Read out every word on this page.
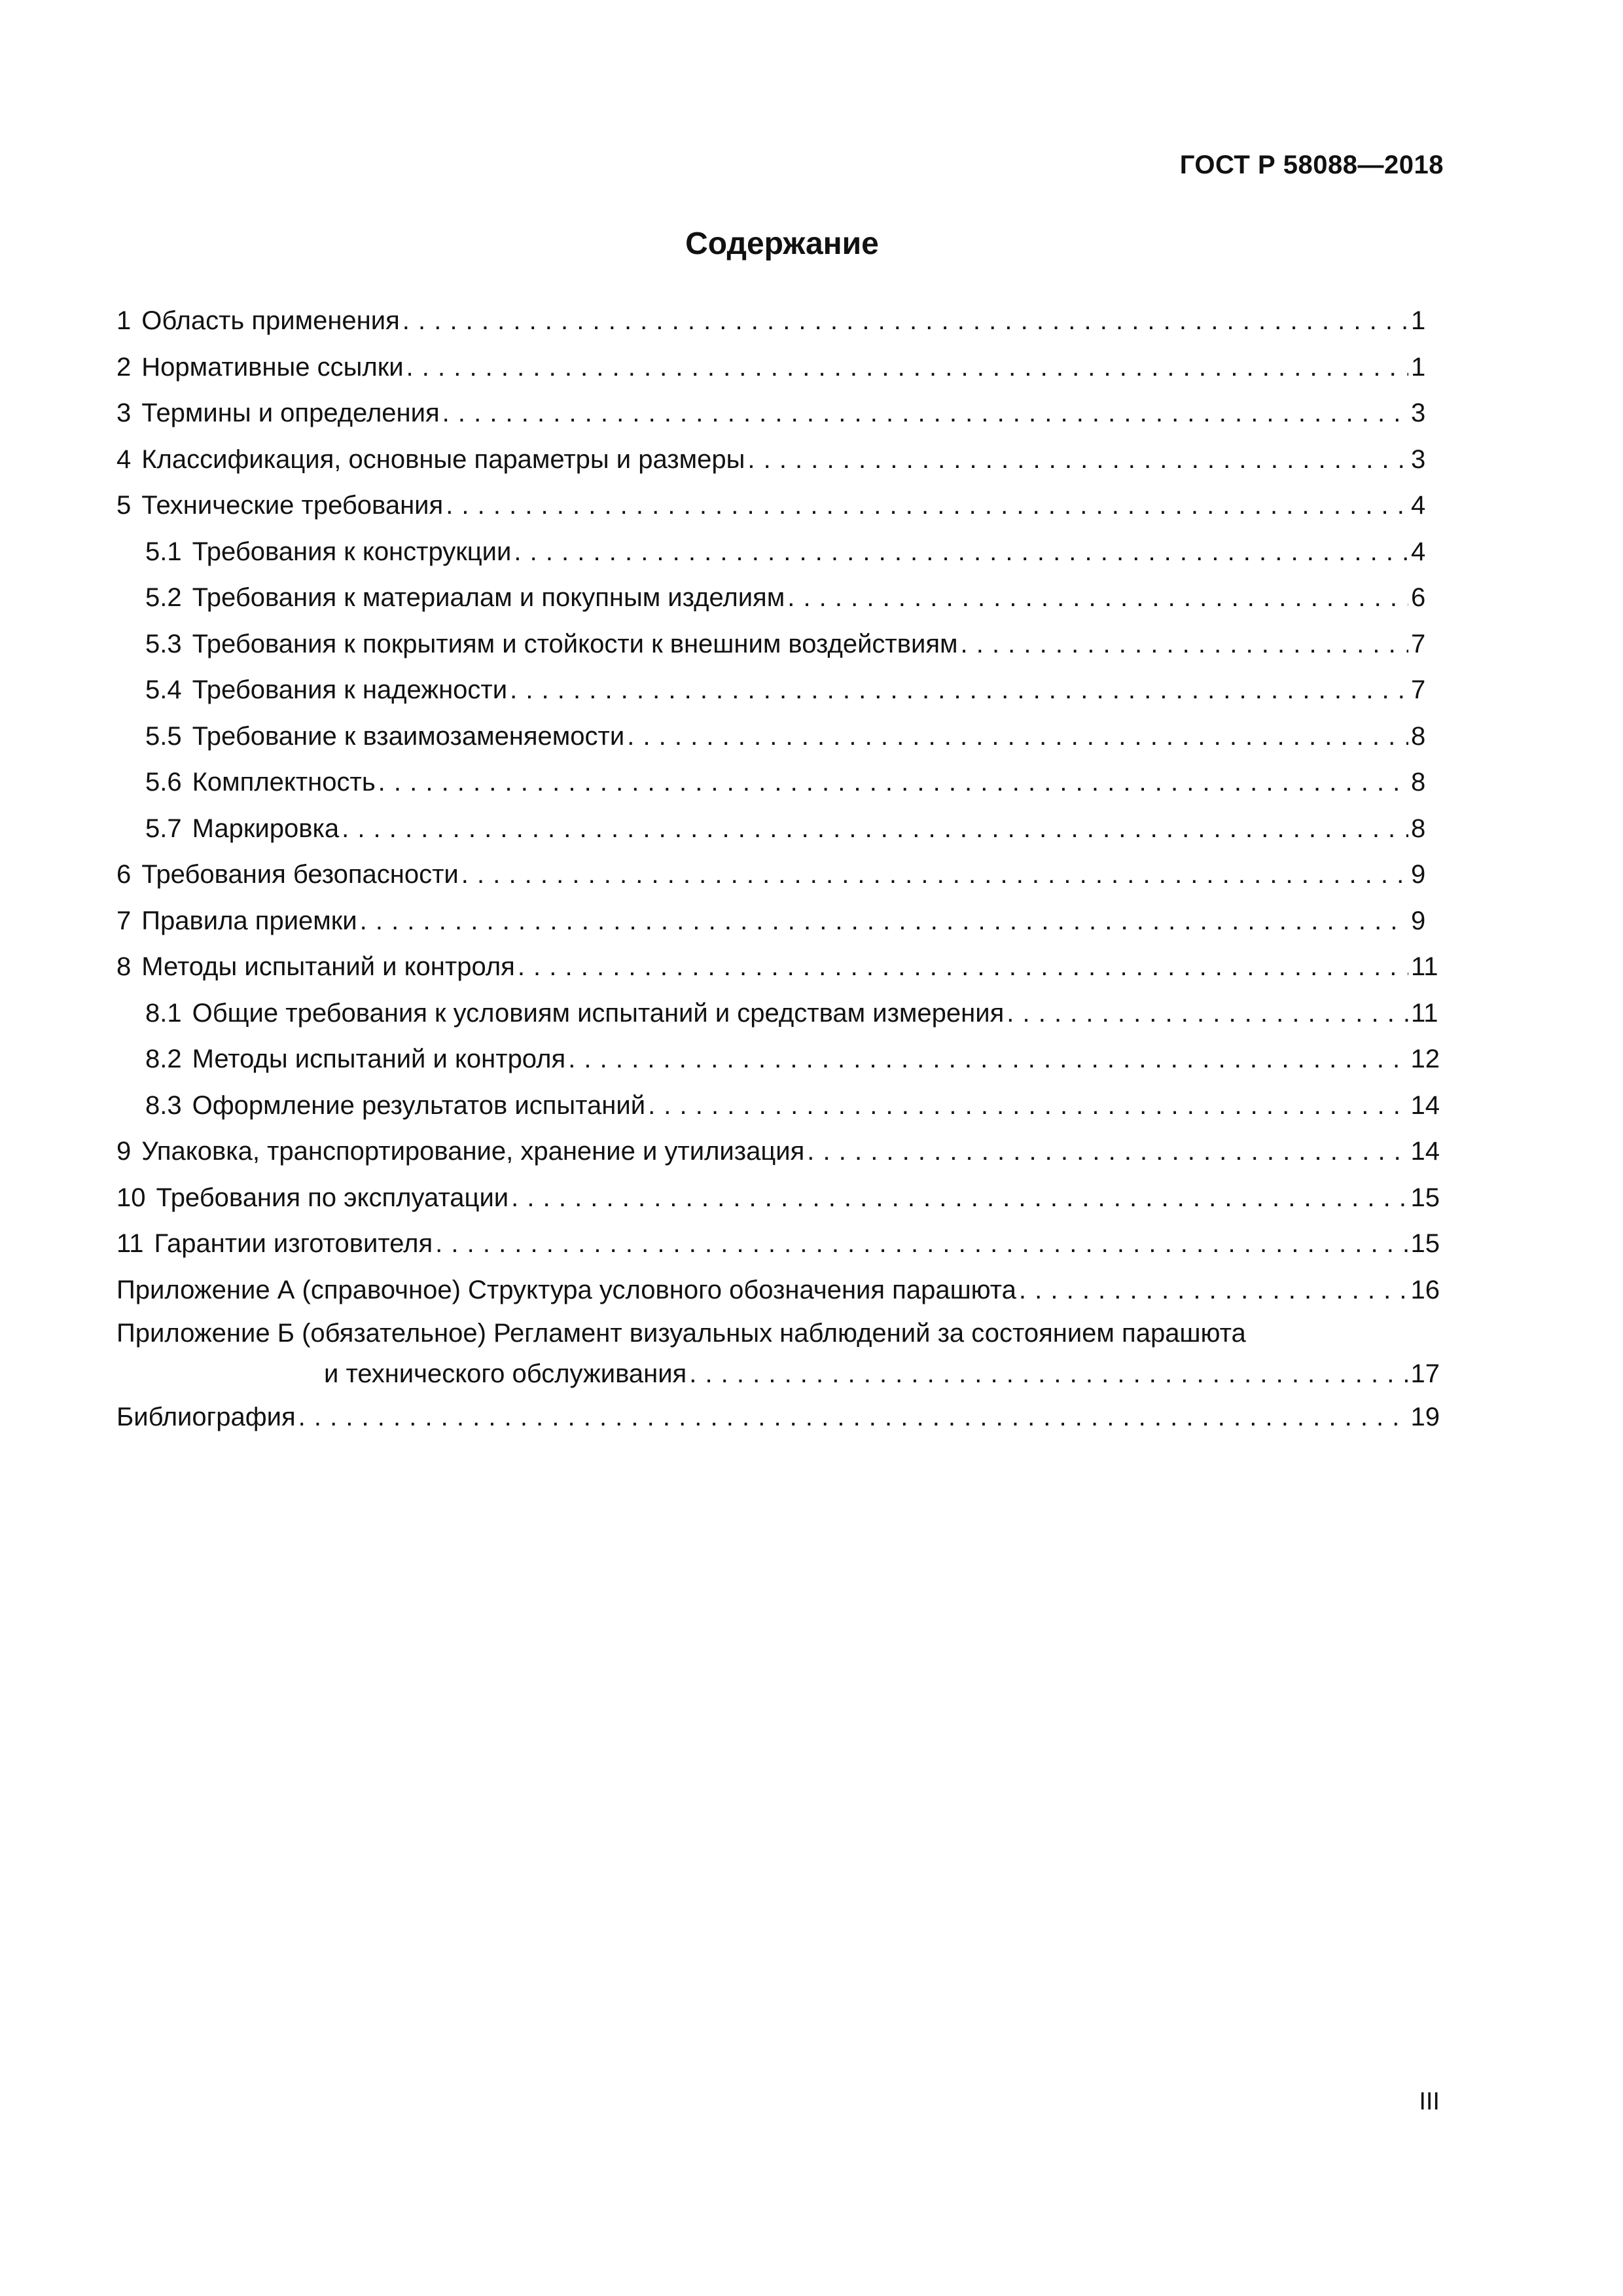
ГОСТ Р 58088—2018
Содержание
1 Область применения . . .	1
2 Нормативные ссылки . . .	1
3 Термины и определения . . .	3
4 Классификация, основные параметры и размеры . . .	3
5 Технические требования . . .	4
5.1 Требования к конструкции . . .	4
5.2 Требования к материалам и покупным изделиям . . .	6
5.3 Требования к покрытиям и стойкости к внешним воздействиям . . .	7
5.4 Требования к надежности . . .	7
5.5 Требование к взаимозаменяемости . . .	8
5.6 Комплектность . . .	8
5.7 Маркировка . . .	8
6 Требования безопасности . . .	9
7 Правила приемки . . .	9
8 Методы испытаний и контроля . . .	11
8.1 Общие требования к условиям испытаний и средствам измерения . . .	11
8.2 Методы испытаний и контроля . . .	12
8.3 Оформление результатов испытаний . . .	14
9 Упаковка, транспортирование, хранение и утилизация . . .	14
10 Требования по эксплуатации . . .	15
11 Гарантии изготовителя . . .	15
Приложение А (справочное) Структура условного обозначения парашюта . . .	16
Приложение Б (обязательное) Регламент визуальных наблюдений за состоянием парашюта
и технического обслуживания . . .	17
Библиография . . .	19
III
